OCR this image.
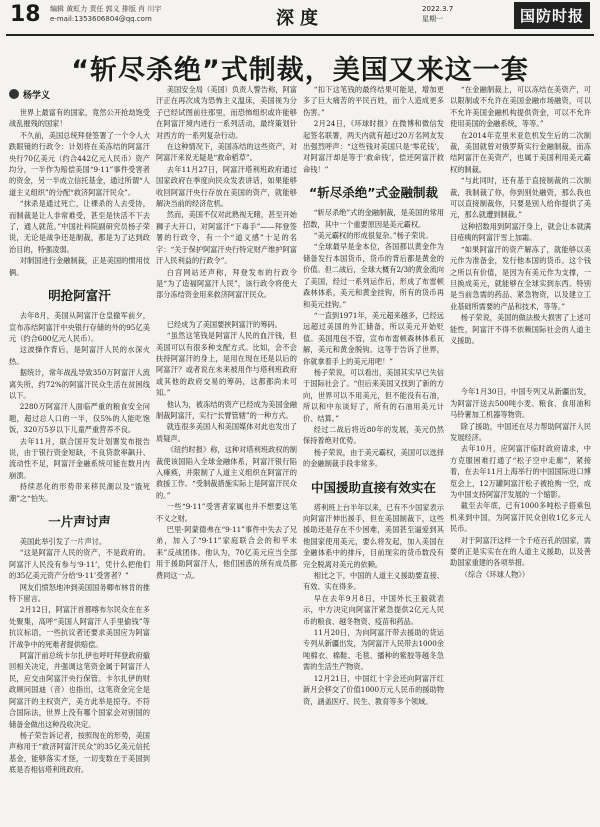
18 编辑 黄虹力 责任 郭义 排版 肖 川宇
e-mail:1353606804@qq.com	深度	2022.3.7
星期一	国防时报
“斩尽杀绝”式制裁，美国又来这一套
杨学义

世界上最富有的国家，竟然公开抢劫饱受战乱摧残的国家！

不久前，美国总统拜登签署了一个令人大跌眼镜的行政令：计划将在美冻结的阿富汗央行70亿美元（约合442亿元人民币）资产均分，一半作为赔偿美国“9·11”事件受害者的资金，另一半成立信托基金，通过所谓“人道主义组织”的分配“救济阿富汗民众”。

“抹杀是通过死亡，让裸杀的人去受协，而制裁是让人非常难受，甚至是快活不下去了，通人就范。”中国社科院副研究员杨子荣说，无论是战争还是制裁，都是为了达到政治目的，特强凌弱。

对制国进行金融制裁，正是美国的惯用伎俩。

明抢阿富汗

去年8月，美国从阿富汗仓皇撤军前夕，宣布冻结阿富汗中央银行存储的外的95亿美元（约合600亿元人民币）。

这波操作背后，是阿富汗人民的水深火热。

据统计，常年战乱导致350万阿富汗人流离失所，约72%的阿富汗民众生活在贫困线以下。

2280万阿富汗人面临严重的粮食安全问题，超过总人口的一半，仅5%的人能吃饱饭，320万5岁以下儿童严重营养不良。

去年11月，联合国开发计划署发布报告说，由于银行资金短缺，不良贷款率飙升、流动性不足，阿富汗金融系统可能在数月内崩溃。

持续恶化的形势带来移民潮以及“饿死潮”之“怕失。

一片声讨声

美国此举引发了一片声讨。

“这是阿富汗人民的资产，不是政府的。阿富汗人民没有参与‘9·11’，凭什么把他们的35亿美元资产分给‘9·11’受害者？”

网友们愤怒地冲到美国国务卿布林肯的推特下留言。

2月12日，阿富汗首都喀布尔民众在在多处聚集，高呼“美国人阿富汗人手里偷钱”等抗议标语，一些抗议者还要求美国应为阿富汗战争中的死难者提供赔偿。

阿富汗前总统卡尔扎伊也呼吁拜登政府撤回相关决定，并强调这笔资金属于阿富汗人民，应交由阿富汗央行保管。卡尔扎伊的财政顾问国迪（音）也指出，这笔资金完全是阿富汗的主权资产，美方此举是掠夺。不符合国际法，世界上没有哪个国家会对别国的储备金做出这种没收决定。

杨子荣告诉记者，按照现在的形势，美国声称用于“救济阿富汗民众”的35亿美元信托基金，能够落实才怪，一切变数在于美国到底是否相信塔利班政府。

美国安全局（美国）负责人警告称，阿富汗正在再次成为恐怖主义温床，美国视为分子已经试图前往那里，而恐怖组织或许能够在阿富汗境内进行一系列活动，最终策划针对西方的一系列复杂行动。

在这种情况下，美国冻结的这些资产，对阿富汗来说无疑是“救命稻草”。

去年11月27日，阿富汗塔利班政府通过国家政府在季度向民众发表讲话，如果能够收回阿富汗央行存放在美国的资产，就能够解决当前的经济危机。

然而，美国不仅对此熟视无睹，甚至开始狮子大开口，对阿富汗“下毒手”——拜登签署的行政令，有一个“道义感”十足的名字：“关于保护阿富汗央行特定财产维护阿富汗人民利益的行政令”。

白宫网站还声称，拜登发布的行政令是“为了造福阿富汗人民”，该行政令将使大部分冻结资金用来救济阿富汗民众。

已经成为了美国要挟阿富汗的筹码。

“虽然这笔钱是阿富汗人民的血汗钱，但美国可以有很多种支配方式。比如，会不会扶持阿富汗的身上，是用在现在还是以后的阿富汗？或者说在未来被用作与塔利班政府或其他的政府交易的筹码，这都都尚未可知。”

他认为，被冻结的资产已经成为美国金融制裁阿富汗，实行“长臂管辖”的一种方式。

就连很多美国人和美国媒体对此也发出了质疑声。

《纽约时报》称，这种对塔利班政权的制裁使该国陷入全球金融体系，阿富汗银行陷入瘫痪，并限制了人道主义组织在阿富汗的救援工作。“受制裁措施实际上是阿富汗民众的。”

一些“9·11”受害者家属也并不想要这笔不义之财。

巴里·阿蒙德弗在“9·11”事件中失去了兄弟，加入了“9·11”家庭联合会的和平未来”反战团体。他认为，70亿美元应当全部用于援助阿富汗人，他们困惑的所有成员都费同这一点。

“扣下这笔钱的最终结果可能是，增加更多了巨大痛苦的平民百姓，而个人造成更多伤害。”

2月24日，《环球时报》在微博和微信发起签名联署，两天内就有超过20万名网友发出强烈呼声：“这些钱对美国只是‘零花钱’，对阿富汗却是等于‘救命钱’，偿还阿富汗救命钱！”

“斩尽杀绝”式金融制裁

“斩尽杀绝”式的金融制裁，是美国的常用招数，其中一个重要原因是美元霸权。

“美元霸权的形成很复杂。”杨子荣说。

“全球最早是金本位，各国都以黄金作为储备发行本国货币，货币的背后都是黄金的价值。但二战后，全球大概有2/3的黄金流向了美国，经过一系列运作后，形成了布雷顿森林体系，美元和黄金挂钩，所有的货币再和美元挂钩。”

“一直到1971年，美元超来越多，已经远远超过美国的外汇储备，所以美元开始贬值。美国甩包不管，宣布布雷顿森林体系瓦解，美元和黄金脱钩。这等于告诉了世界，你就拿着手上的美元用吧！”

杨子荣说，可以看出，美国其实早已失信于国际社会了。“但后来美国又找到了新的方向，世界可以不用美元，但不能没有石油，所以和中东谈好了，所有的石油用美元计价、结算。”

经过二战后将近80年的发展，美元仍然保持着绝对优势。

杨子荣说，由于美元霸权，美国可以选择的金融制裁手段非常多。

中国援助直接有效实在

塔利班上台半年以来，已有不少国家表示向阿富汗伸出援手，但在美国制裁下，这些援助还是存在不少困难，美国甚至逼爱到其他国家使用美元，要么将发起，加入美国在金融体系中的排斥，目前现实的货币数没有完全脱离对美元的依赖。

相比之下，中国的人道主义援助要直接、有效、实在得多。

早在去年9月8日，中国外长王毅就表示，中方决定向阿富汗紧急提供2亿元人民币的粮食、越冬物资、疫苗和药品。

11月20日，为向阿富汗带去援助的货运专列从新疆出发，为阿富汗人民带去1000余吨棉衣、棉鞋、毛毯、播种的紫胶等越冬急需的生活生产物资。

12月21日，中国红十字会还向阿富汗红新月会移交了价值1000万元人民币的援助物资，涵盖医疗、民生、教育等多个领域。

“在金融制裁上，可以冻结在美资产，可以限制或不允许在美国金融市场融资，可以不允许美国金融机构提供资金，可以不允许使用美国的金融系统，等等。”

在2014年克里米亚危机发生后的二次制裁，美国就曾对俄罗斯实行金融制裁，而冻结阿富汗在美资产，也属于美国利用美元霸权的制裁。

“与此同时，还有基于直接制裁的二次制裁，我制裁了你，你到别处融资，那么我也可以直接制裁你，只要是别人给你提供了美元，那么就遭到制裁。”

这种招数用到阿富汗身上，就会让本就满目疮痍的阿富汗雪上加霜。

“如果阿富汗的资产解冻了，就能够以美元作为准备金，发行他本国的货币。这个钱之所以有价值，是因为有美元作为支撑，一旦换成美元，就能够在全球实到东西。特别是当前急需的药品、紧急物资，以及建立工业基础所需要的产品和技术，等等。”

杨子荣说，美国的做法极大损害了上述可能性，阿富汗不得不依赖国际社会的人道主义援助。

今年1月30日，中国专列又从新疆出发，为阿富汗送去500吨小麦、粮食、食用油和马铃薯加工机器等物资。

除了援助，中国还在尽力帮助阿富汗人民发展经济。

去年10月，应阿富汗临时政府请求，中方克服困难打通了“松子空中走廊”，紧接着，在去年11月上海举行的中国国际进口博览会上，12万罐阿富汗松子被抢购一空，成为中国支持阿富汗发展的一个缩影。

截至去年底，已有1000多吨松子搭乘包机来到中国，为阿富汗民众创收1亿多元人民币。

对于阿富汗这样一个千疮百孔的国家，需要的正是实实在在的人道主义援助，以及善助国家重建的各项举措。

（综合《环球人物》）
